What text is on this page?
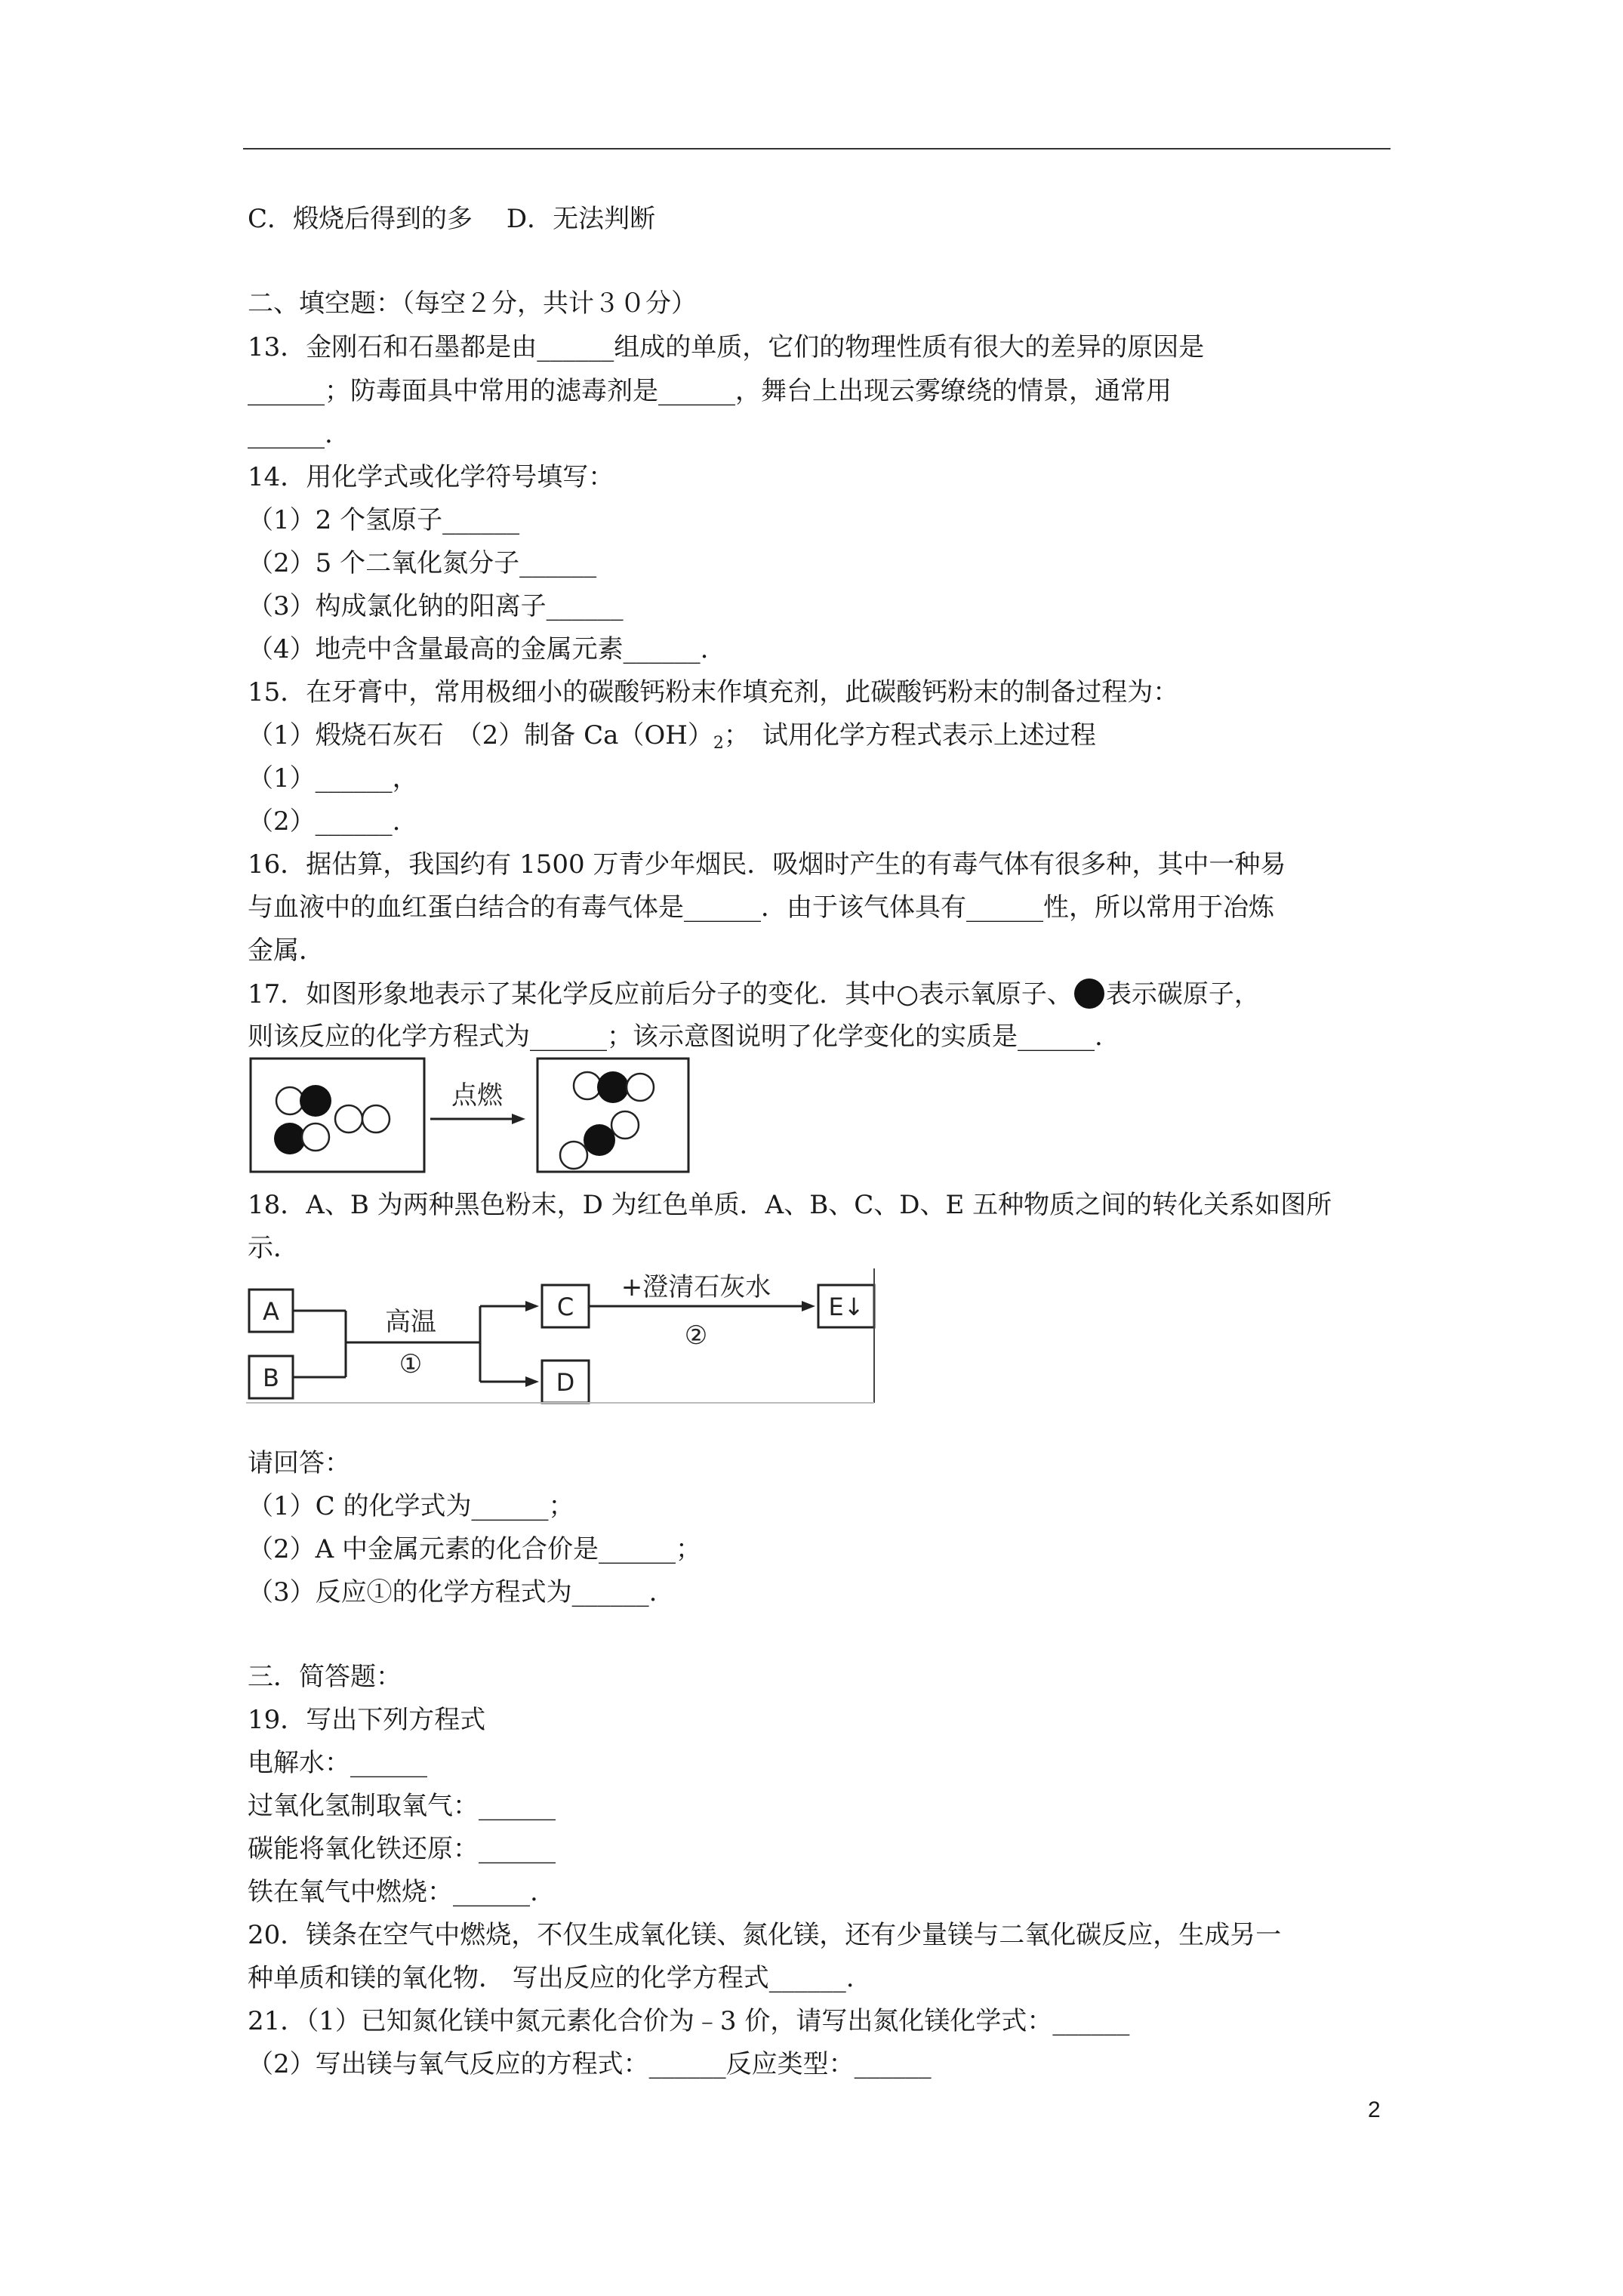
C．煅烧后得到的多　 D．无法判断
二、填空题：（每空２分，共计３０分）
13．金刚石和石墨都是由______组成的单质，它们的物理性质有很大的差异的原因是
______；防毒面具中常用的滤毒剂是______，舞台上出现云雾缭绕的情景，通常用
______.
14．用化学式或化学符号填写：
（1）2 个氢原子______
（2）5 个二氧化氮分子______
（3）构成氯化钠的阳离子______
（4）地壳中含量最高的金属元素______.
15．在牙膏中，常用极细小的碳酸钙粉末作填充剂，此碳酸钙粉末的制备过程为：
（1）______，
（2）______.
16．据估算，我国约有 1500 万青少年烟民．吸烟时产生的有毒气体有很多种，其中一种易
与血液中的血红蛋白结合的有毒气体是______．由于该气体具有______性，所以常用于冶炼
金属．
则该反应的化学方程式为______；该示意图说明了化学变化的实质是______.
18．A、B 为两种黑色粉末，D 为红色单质．A、B、C、D、E 五种物质之间的转化关系如图所
示．
请回答：
（1）C 的化学式为______；
（2）A 中金属元素的化合价是______；
（3）反应①的化学方程式为______.
三．简答题：
19．写出下列方程式
电解水：______
过氧化氢制取氧气：______
碳能将氧化铁还原：______
铁在氧气中燃烧：______.
20．镁条在空气中燃烧，不仅生成氧化镁、氮化镁，还有少量镁与二氧化碳反应，生成另一
种单质和镁的氧化物． 写出反应的化学方程式______.
21．（1）已知氮化镁中氮元素化合价为﹣3 价，请写出氮化镁化学式：______
（2）写出镁与氧气反应的方程式：______反应类型：______
（1）煅烧石灰石　（2）制备 $Ca(OH)_2$；　试用化学方程式表示上述过程
17．如图形象地表示了某化学反应前后分子的变化．其中○表示氧原子、 表示碳原子，
点燃
A
B
高温
①
C
D
+澄清石灰水
②
E↓
2
